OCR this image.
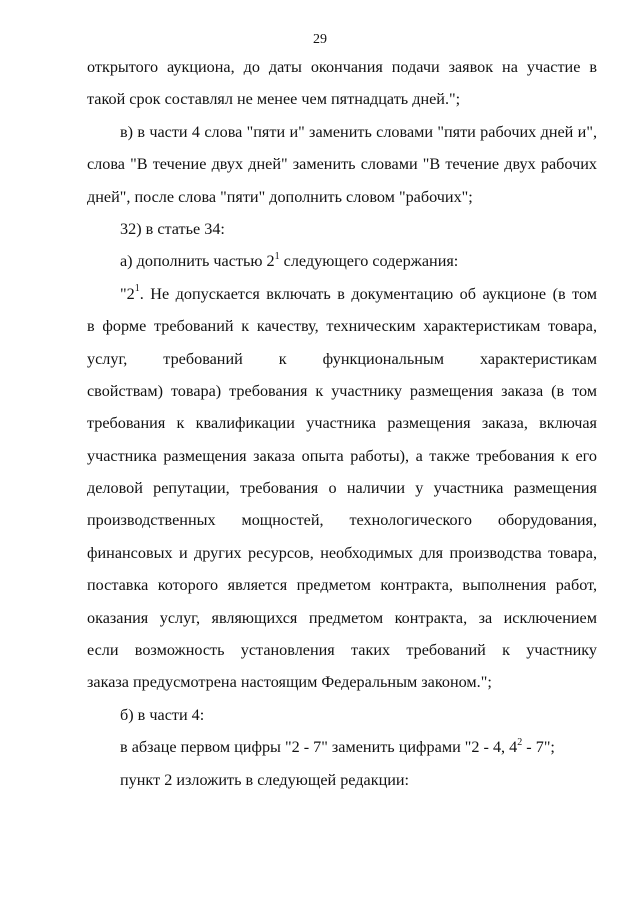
29
открытого аукциона, до даты окончания подачи заявок на участие в
такой срок составлял не менее чем пятнадцать дней.";
в) в части 4 слова "пяти и" заменить словами "пяти рабочих дней и",
слова "В течение двух дней" заменить словами "В течение двух рабочих
дней", после слова "пяти" дополнить словом "рабочих";
32) в статье 34:
а) дополнить частью $2^1$ следующего содержания:
"$2^1$. Не допускается включать в документацию об аукционе (в том
в форме требований к качеству, техническим характеристикам товара,
услуг, требований к функциональным характеристикам
свойствам) товара) требования к участнику размещения заказа (в том
требования к квалификации участника размещения заказа, включая
участника размещения заказа опыта работы), а также требования к его
деловой репутации, требования о наличии у участника размещения
производственных мощностей, технологического оборудования,
финансовых и других ресурсов, необходимых для производства товара,
поставка которого является предметом контракта, выполнения работ,
оказания услуг, являющихся предметом контракта, за исключением
если возможность установления таких требований к участнику
заказа предусмотрена настоящим Федеральным законом.";
б) в части 4:
в абзаце первом цифры "2 - 7" заменить цифрами "2 - 4, $4^2 - 7$";
пункт 2 изложить в следующей редакции:
